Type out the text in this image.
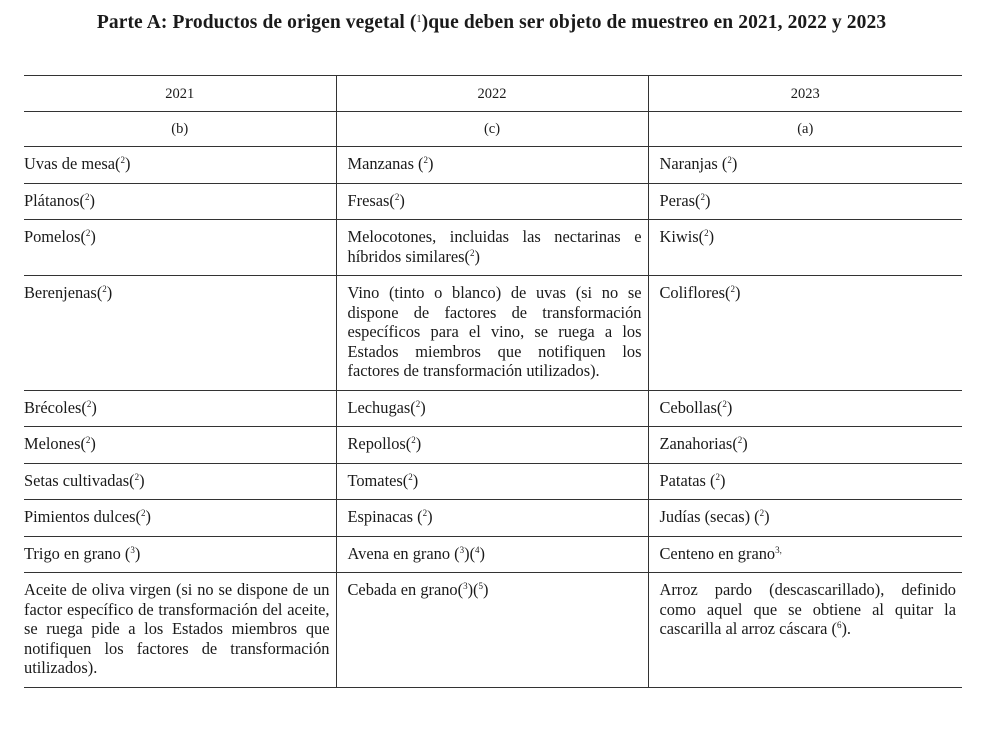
Parte A: Productos de origen vegetal ($^1$)que deben ser objeto de muestreo en 2021, 2022 y 2023
2021	2022	2023
(b)	(c)	(a)
Uvas de mesa($^2$)	Manzanas ($^2$)	Naranjas ($^2$)
Plátanos($^2$)	Fresas($^2$)	Peras($^2$)
Pomelos($^2$)	Melocotones, incluidas las nectarinas e híbridos similares($^2$)	Kiwis($^2$)
Berenjenas($^2$)	Vino (tinto o blanco) de uvas (si no se dispone de factores de transformación específicos para el vino, se ruega a los Estados miembros que notifiquen los factores de transformación utilizados).	Coliflores($^2$)
Brécoles($^2$)	Lechugas($^2$)	Cebollas($^2$)
Melones($^2$)	Repollos($^2$)	Zanahorias($^2$)
Setas cultivadas($^2$)	Tomates($^2$)	Patatas ($^2$)
Pimientos dulces($^2$)	Espinacas ($^2$)	Judías (secas) ($^2$)
Trigo en grano ($^3$)	Avena en grano ($^3$)($^4$)	Centeno en grano$^{3,}$
Aceite de oliva virgen (si no se dispone de un factor específico de transformación del aceite, se ruega pide a los Estados miembros que notifiquen los factores de transformación utilizados).	Cebada en grano($^3$)($^5$)	Arroz pardo (descascarillado), definido como aquel que se obtiene al quitar la cascarilla al arroz cáscara ($^6$).
